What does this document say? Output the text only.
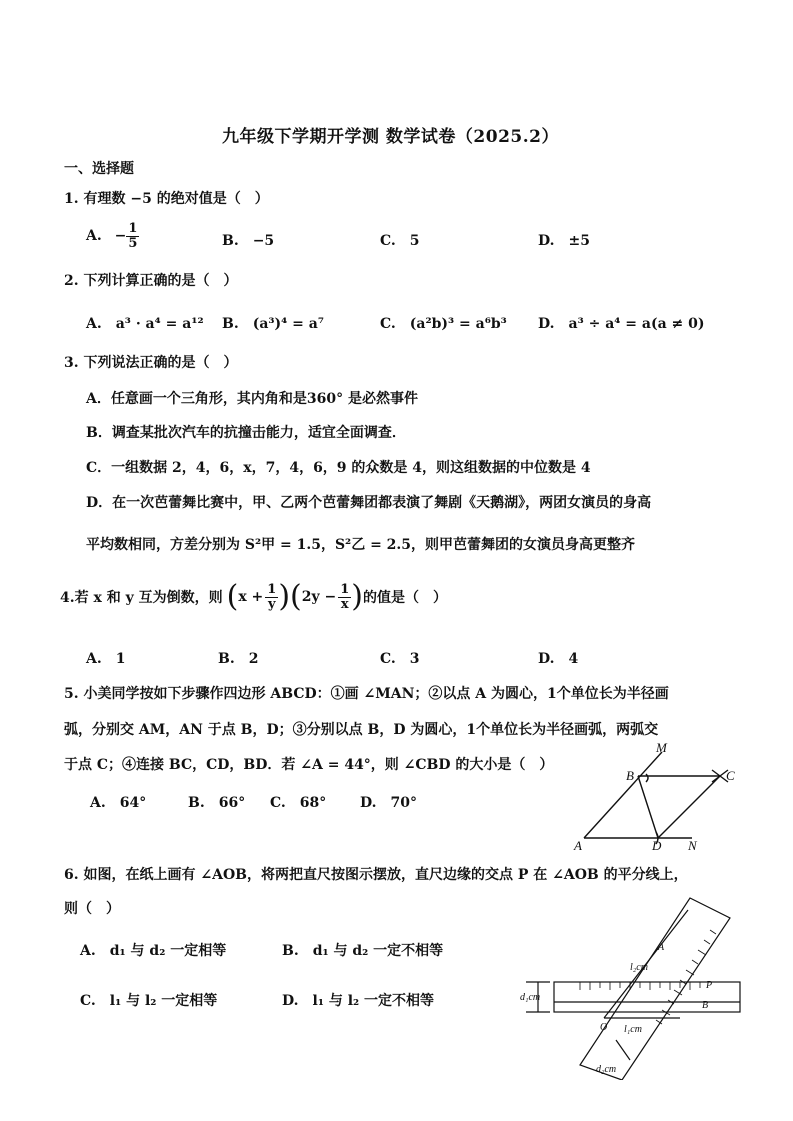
九年级下学期开学测 数学试卷（2025.2）
一、选择题
1. 有理数 −5 的绝对值是（　）
A. − $\frac{1}{5}$	B.　−5	C.　5	D.　±5
2. 下列计算正确的是（　）
A.　a³ · a⁴ = a¹² B.　(a³)⁴ = a⁷	C.　(a²b)³ = a⁶b³ D.　a³ ÷ a⁴ = a(a ≠ 0)
3. 下列说法正确的是（　）
A．任意画一个三角形，其内角和是360° 是必然事件
B．调查某批次汽车的抗撞击能力，适宜全面调查．
C．一组数据 2，4，6，x，7，4，6，9 的众数是 4，则这组数据的中位数是 4
D．在一次芭蕾舞比赛中，甲、乙两个芭蕾舞团都表演了舞剧《天鹅湖》，两团女演员的身高
平均数相同，方差分别为 S²甲 = 1.5，S²乙 = 2.5，则甲芭蕾舞团的女演员身高更整齐
4.若 x 和 y 互为倒数，则 ( $x + \frac{1}{y}$ ) ( $2y - \frac{1}{x}$ ) 的值是（　）
A.　1	B.　2	C.　3	D.　4
5. 小美同学按如下步骤作四边形 ABCD：①画 ∠MAN；②以点 A 为圆心，1个单位长为半径画
弧，分别交 AM，AN 于点 B，D；③分别以点 B，D 为圆心，1个单位长为半径画弧，两弧交
于点 C；④连接 BC，CD，BD．若 ∠A = 44°，则 ∠CBD 的大小是（　）
A.　64°	B.　66° C.　68° D.　70°
M
B	C
A	D N
6. 如图，在纸上画有 ∠AOB，将两把直尺按图示摆放，直尺边缘的交点 P 在 ∠AOB 的平分线上，
则（　）
A.　d₁ 与 d₂ 一定相等	B.　d₁ 与 d₂ 一定不相等
C.　l₁ 与 l₂ 一定相等	D.　l₁ 与 l₂ 一定不相等
A
B
P
O
l₂cm
l₁cm
d₁cm
d₂cm
